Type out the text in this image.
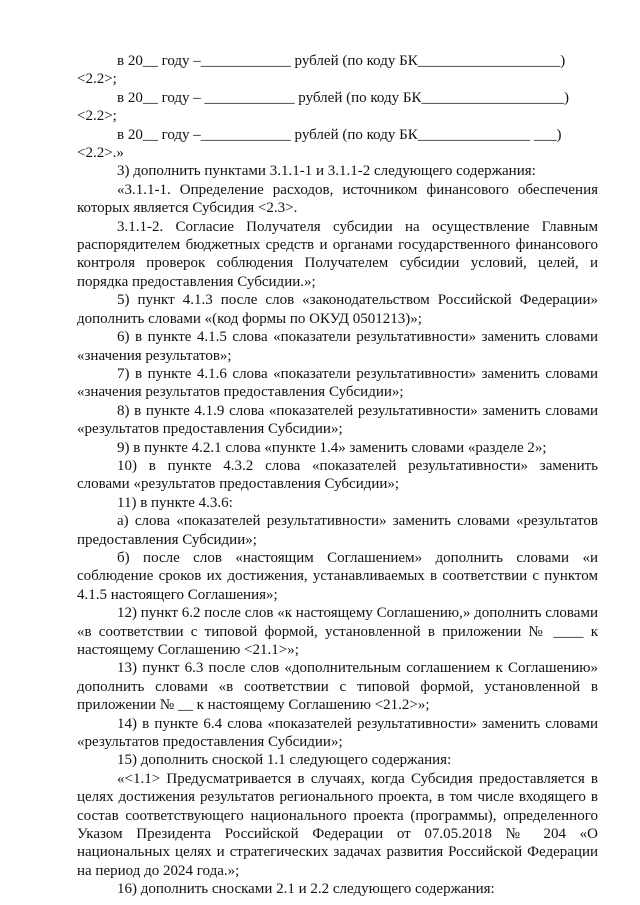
в 20__ году –____________ рублей (по коду БК___________________)

<2.2>;

в 20__ году – ____________ рублей (по коду БК___________________)

<2.2>;

в 20__ году –____________ рублей (по коду БК_______________ ___)

<2.2>.»

3) дополнить пунктами 3.1.1-1 и 3.1.1-2 следующего содержания:

«3.1.1-1. Определение расходов, источником финансового обеспечения которых является Субсидия <2.3>.

3.1.1-2. Согласие Получателя субсидии на осуществление Главным распорядителем бюджетных средств и органами государственного финансового контроля проверок соблюдения Получателем субсидии условий, целей, и порядка предоставления Субсидии.»;

5) пункт 4.1.3 после слов «законодательством Российской Федерации» дополнить словами «(код формы по ОКУД 0501213)»;

6) в пункте 4.1.5 слова «показатели результативности» заменить словами «значения результатов»;

7) в пункте 4.1.6 слова «показатели результативности» заменить словами «значения результатов предоставления Субсидии»;

8) в пункте 4.1.9 слова «показателей результативности» заменить словами «результатов предоставления Субсидии»;

9) в пункте 4.2.1 слова «пункте 1.4» заменить словами «разделе 2»;

10) в пункте 4.3.2 слова «показателей результативности» заменить словами «результатов предоставления Субсидии»;

11) в пункте 4.3.6:

а) слова «показателей результативности» заменить словами «результатов предоставления Субсидии»;

б) после слов «настоящим Соглашением» дополнить словами «и соблюдение сроков их достижения, устанавливаемых в соответствии с пунктом 4.1.5 настоящего Соглашения»;

12) пункт 6.2 после слов «к настоящему Соглашению,» дополнить словами «в соответствии с типовой формой, установленной в приложении № ____ к настоящему Соглашению <21.1>»;

13) пункт 6.3 после слов «дополнительным соглашением к Соглашению» дополнить словами «в соответствии с типовой формой, установленной в приложении № __ к настоящему Соглашению <21.2>»;

14) в пункте 6.4 слова «показателей результативности» заменить словами «результатов предоставления Субсидии»;

15) дополнить сноской 1.1 следующего содержания:

«<1.1> Предусматривается в случаях, когда Субсидия предоставляется в целях достижения результатов регионального проекта, в том числе входящего в состав соответствующего национального проекта (программы), определенного Указом Президента Российской Федерации от 07.05.2018 № 204 «О национальных целях и стратегических задачах развития Российской Федерации на период до 2024 года.»;

16) дополнить сносками 2.1 и 2.2 следующего содержания:
